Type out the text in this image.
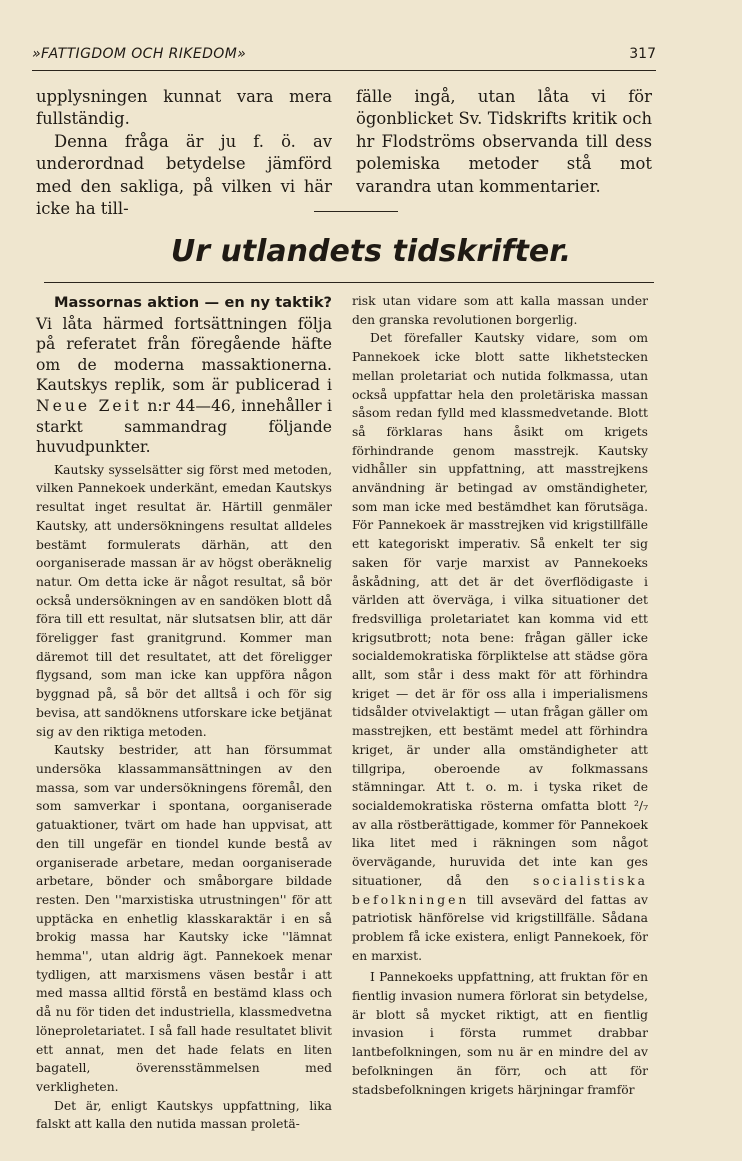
»FATTIGDOM OCH RIKEDOM»	317

upplysningen kunnat vara mera fullständig.

Denna fråga är ju f. ö. av underordnad betydelse jämförd med den sakliga, på vilken vi här icke ha till-

fälle ingå, utan låta vi för ögonblicket Sv. Tidskrifts kritik och hr Flodströms observanda till dess polemiska metoder stå mot varandra utan kommentarier.

Ur utlandets tidskrifter.

Massornas aktion — en ny taktik? Vi låta härmed fortsättningen följa på referatet från föregående häfte om de moderna massaktionerna. Kautskys replik, som är publicerad i Neue Zeit n:r 44—46, innehåller i starkt sammandrag följande huvudpunkter.

Kautsky sysselsätter sig först med metoden, vilken Pannekoek underkänt, emedan Kautskys resultat inget resultat är. Härtill genmäler Kautsky, att undersökningens resultat alldeles bestämt formulerats därhän, att den oorganiserade massan är av högst oberäknelig natur. Om detta icke är något resultat, så bör också undersökningen av en sandöken blott då föra till ett resultat, när slutsatsen blir, att där föreligger fast granitgrund. Kommer man däremot till det resultatet, att det föreligger flygsand, som man icke kan uppföra någon byggnad på, så bör det alltså i och för sig bevisa, att sandöknens utforskare icke betjänat sig av den riktiga metoden.

Kautsky bestrider, att han försummat undersöka klassammansättningen av den massa, som var undersökningens föremål, den som samverkar i spontana, oorganiserade gatuaktioner, tvärt om hade han uppvisat, att den till ungefär en tiondel kunde bestå av organiserade arbetare, medan oorganiserade arbetare, bönder och småborgare bildade resten. Den ''marxistiska utrustningen'' för att upptäcka en enhetlig klasskaraktär i en så brokig massa har Kautsky icke ''lämnat hemma'', utan aldrig ägt. Pannekoek menar tydligen, att marxismens väsen består i att med massa alltid förstå en bestämd klass och då nu för tiden det industriella, klassmedvetna löneproletariatet. I så fall hade resultatet blivit ett annat, men det hade felats en liten bagatell, överensstämmelsen med verkligheten.

Det är, enligt Kautskys uppfattning, lika falskt att kalla den nutida massan proletä-

risk utan vidare som att kalla massan under den granska revolutionen borgerlig.

Det förefaller Kautsky vidare, som om Pannekoek icke blott satte likhetstecken mellan proletariat och nutida folkmassa, utan också uppfattar hela den proletäriska massan såsom redan fylld med klassmedvetande. Blott så förklaras hans åsikt om krigets förhindrande genom masstrejk. Kautsky vidhåller sin uppfattning, att masstrejkens användning är betingad av omständigheter, som man icke med bestämdhet kan förutsäga. För Pannekoek är masstrejken vid krigstillfälle ett kategoriskt imperativ. Så enkelt ter sig saken för varje marxist av Pannekoeks åskådning, att det är det överflödigaste i världen att överväga, i vilka situationer det fredsvilliga proletariatet kan komma vid ett krigsutbrott; nota bene: frågan gäller icke socialdemokratiska förpliktelse att städse göra allt, som står i dess makt för att förhindra kriget — det är för oss alla i imperialismens tidsålder otvivelaktigt — utan frågan gäller om masstrejken, ett bestämt medel att förhindra kriget, är under alla omständigheter att tillgripa, oberoende av folkmassans stämningar. Att t. o. m. i tyska riket de socialdemokratiska rösterna omfatta blott ²/₇ av alla röstberättigade, kommer för Pannekoek lika litet med i räkningen som något övervägande, huruvida det inte kan ges situationer, då den socialistiska befolkningen till avsevärd del fattas av patriotisk hänförelse vid krigstillfälle. Sådana problem få icke existera, enligt Pannekoek, för en marxist.

I Pannekoeks uppfattning, att fruktan för en fientlig invasion numera förlorat sin betydelse, är blott så mycket riktigt, att en fientlig invasion i första rummet drabbar lantbefolkningen, som nu är en mindre del av befolkningen än förr, och att för stadsbefolkningen krigets härjningar framför
